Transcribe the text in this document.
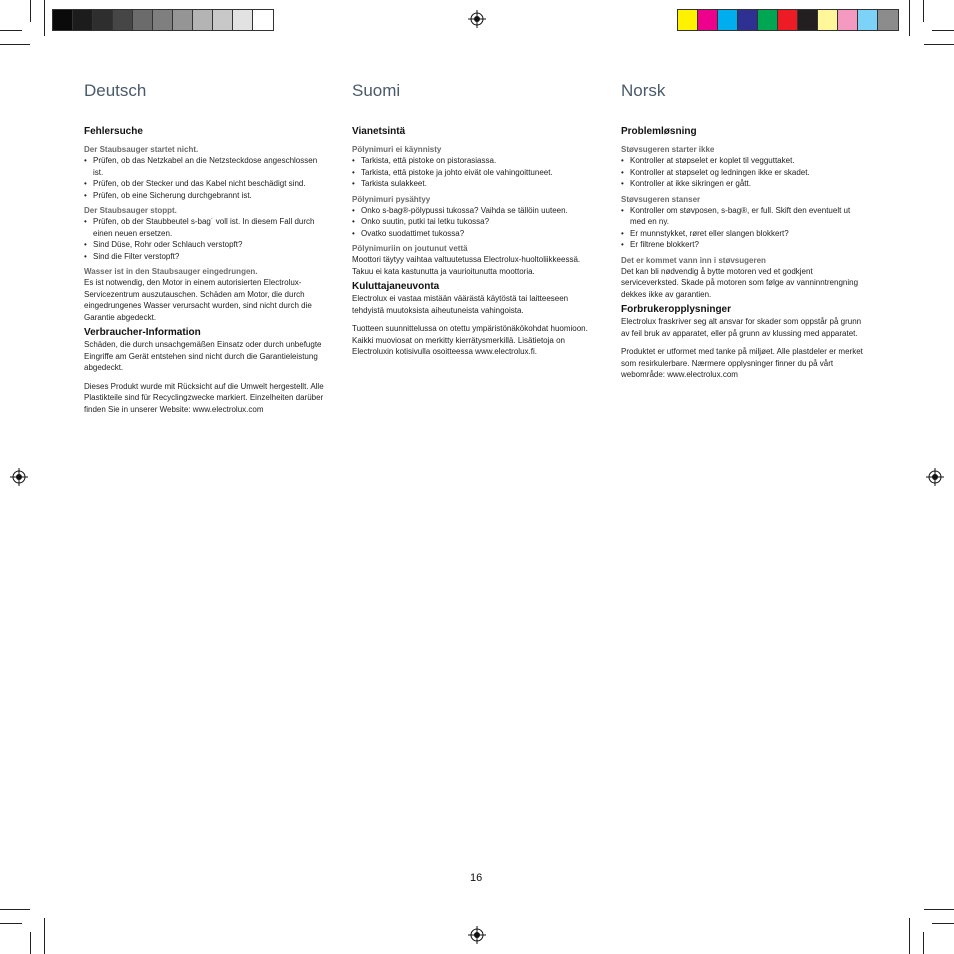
Deutsch
Fehlersuche

Der Staubsauger startet nicht.

• Prüfen, ob das Netzkabel an die Netzsteckdose angeschlossen ist.
• Prüfen, ob der Stecker und das Kabel nicht beschädigt sind.
• Prüfen, ob eine Sicherung durchgebrannt ist.

Der Staubsauger stoppt.

• Prüfen, ob der Staubbeutel s-bag˙ voll ist. In diesem Fall durch einen neuen ersetzen.
• Sind Düse, Rohr oder Schlauch verstopft?
• Sind die Filter verstopft?

Wasser ist in den Staubsauger eingedrungen.

Es ist notwendig, den Motor in einem autorisierten Electrolux-Servicezentrum auszutauschen. Schäden am Motor, die durch eingedrungenes Wasser verursacht wurden, sind nicht durch die Garantie abgedeckt.

Verbraucher-Information

Schäden, die durch unsachgemäßen Einsatz oder durch unbefugte Eingriffe am Gerät entstehen sind nicht durch die Garantieleistung abgedeckt.

Dieses Produkt wurde mit Rücksicht auf die Umwelt hergestellt. Alle Plastikteile sind für Recyclingzwecke markiert. Einzelheiten darüber finden Sie in unserer Website: www.electrolux.com

Suomi
Vianetsintä

Pölynimuri ei käynnisty

• Tarkista, että pistoke on pistorasiassa.
• Tarkista, että pistoke ja johto eivät ole vahingoittuneet.
• Tarkista sulakkeet.

Pölynimuri pysähtyy

• Onko s-bag®-pölypussi tukossa? Vaihda se tällöin uuteen.
• Onko suutin, putki tai letku tukossa?
• Ovatko suodattimet tukossa?

Pölynimuriin on joutunut vettä

Moottori täytyy vaihtaa valtuutetussa Electrolux-huoltoliikkeessä. Takuu ei kata kastunutta ja vaurioitunutta moottoria.

Kuluttajaneuvonta

Electrolux ei vastaa mistään väärästä käytöstä tai laitteeseen tehdyistä muutoksista aiheutuneista vahingoista.

Tuotteen suunnittelussa on otettu ympäristönäkökohdat huomioon. Kaikki muoviosat on merkitty kierrätysmerkillä. Lisätietoja on Electroluxin kotisivulla osoitteessa www.electrolux.fi.

Norsk
Problemløsning

Støvsugeren starter ikke

• Kontroller at støpselet er koplet til vegguttaket.
• Kontroller at støpselet og ledningen ikke er skadet.
• Kontroller at ikke sikringen er gått.

Støvsugeren stanser

• Kontroller om støvposen, s-bag®, er full. Skift den eventuelt ut med en ny.
• Er munnstykket, røret eller slangen blokkert?
• Er filtrene blokkert?

Det er kommet vann inn i støvsugeren

Det kan bli nødvendig å bytte motoren ved et godkjent serviceverksted. Skade på motoren som følge av vanninntrengning dekkes ikke av garantien.

Forbrukeropplysninger

Electrolux fraskriver seg alt ansvar for skader som oppstår på grunn av feil bruk av apparatet, eller på grunn av klussing med apparatet.

Produktet er utformet med tanke på miljøet. Alle plastdeler er merket som resirkulerbare. Nærmere opplysninger finner du på vårt webområde: www.electrolux.com

16
